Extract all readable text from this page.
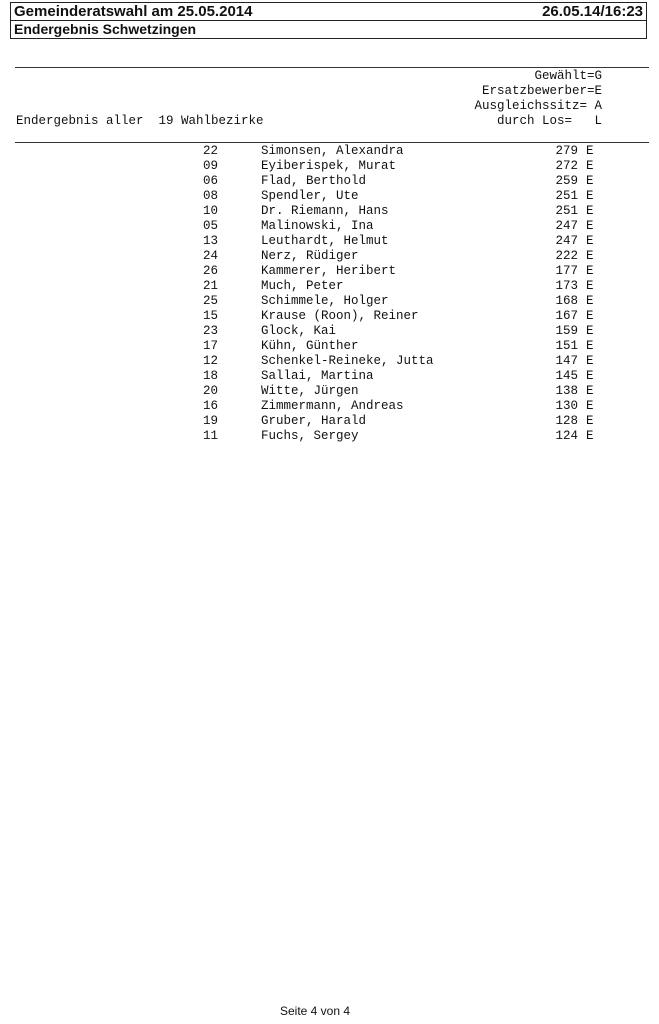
Gemeinderatswahl am 25.05.2014	26.05.14/16:23
Endergebnis Schwetzingen
Gewählt=G
Ersatzbewerber=E
Ausgleichssitz= A
durch Los=   L
Endergebnis aller  19 Wahlbezirke
22	Simonsen, Alexandra	279 E
09	Eyiberispek, Murat	272 E
06	Flad, Berthold	259 E
08	Spendler, Ute	251 E
10	Dr. Riemann, Hans	251 E
05	Malinowski, Ina	247 E
13	Leuthardt, Helmut	247 E
24	Nerz, Rüdiger	222 E
26	Kammerer, Heribert	177 E
21	Much, Peter	173 E
25	Schimmele, Holger	168 E
15	Krause (Roon), Reiner	167 E
23	Glock, Kai	159 E
17	Kühn, Günther	151 E
12	Schenkel-Reineke, Jutta	147 E
18	Sallai, Martina	145 E
20	Witte, Jürgen	138 E
16	Zimmermann, Andreas	130 E
19	Gruber, Harald	128 E
11	Fuchs, Sergey	124 E
Seite 4 von 4
